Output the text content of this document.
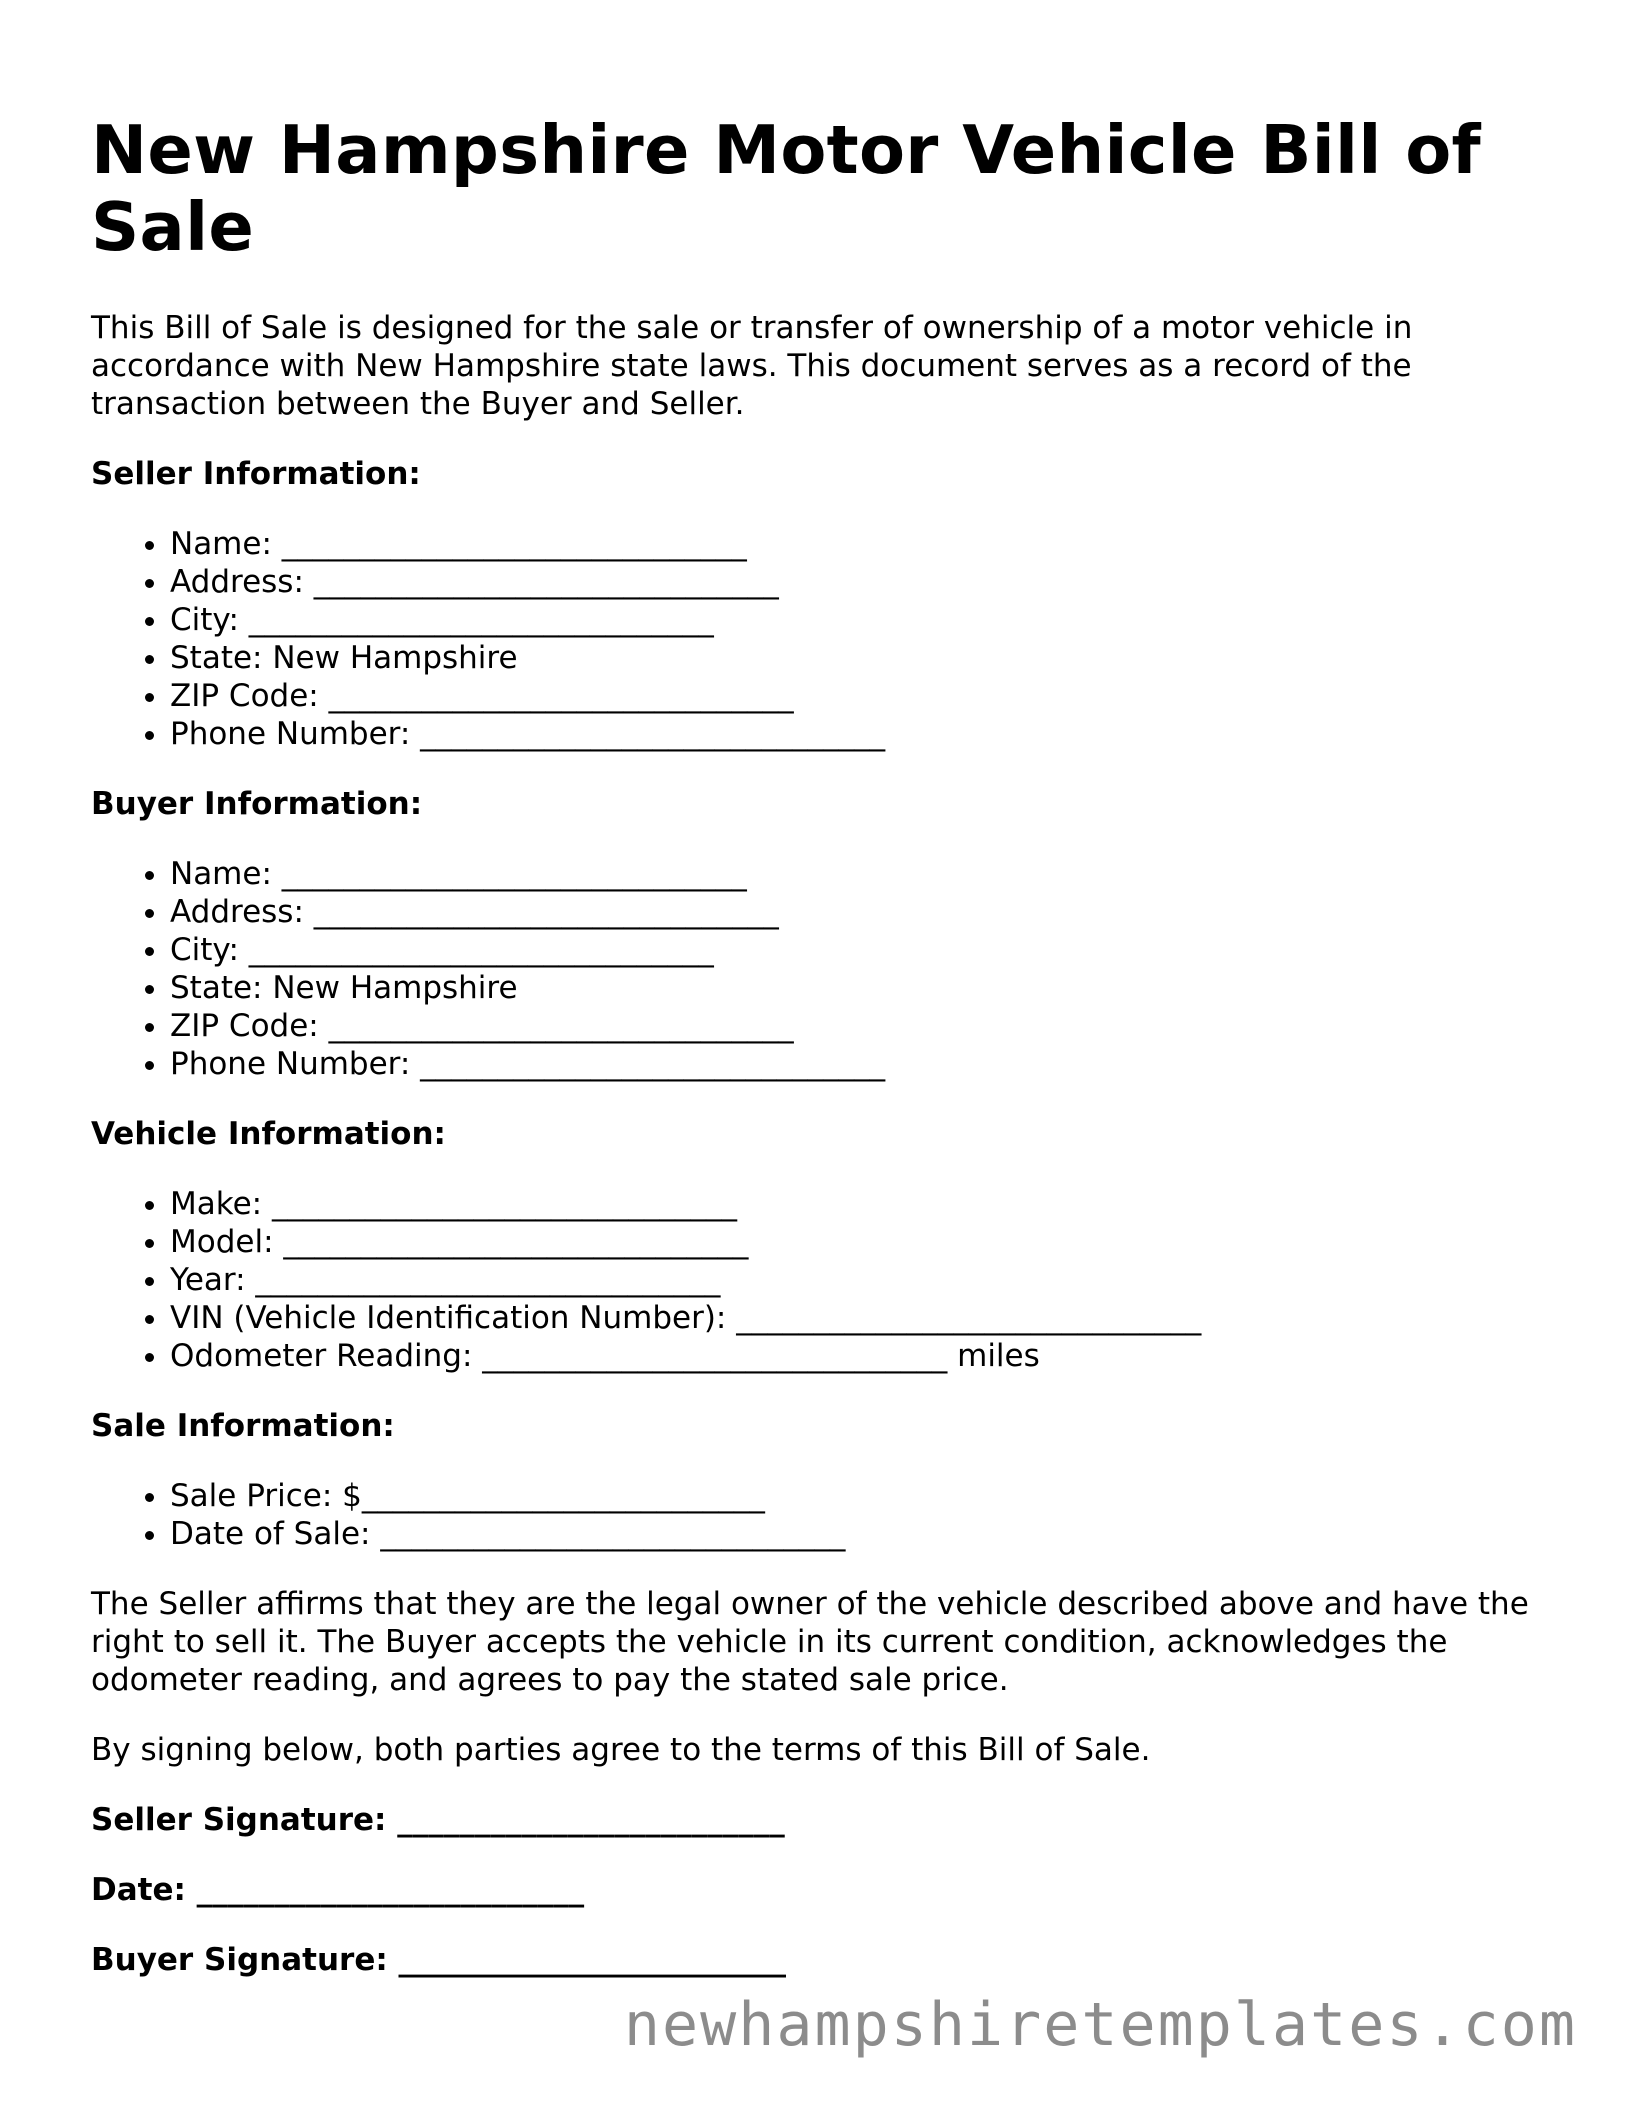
New Hampshire Motor Vehicle Bill of Sale

This Bill of Sale is designed for the sale or transfer of ownership of a motor vehicle in accordance with New Hampshire state laws. This document serves as a record of the transaction between the Buyer and Seller.

Seller Information:
• Name: ______________________________
• Address: ______________________________
• City: ______________________________
• State: New Hampshire
• ZIP Code: ______________________________
• Phone Number: ______________________________
Buyer Information:
• Name: ______________________________
• Address: ______________________________
• City: ______________________________
• State: New Hampshire
• ZIP Code: ______________________________
• Phone Number: ______________________________
Vehicle Information:
• Make: ______________________________
• Model: ______________________________
• Year: ______________________________
• VIN (Vehicle Identification Number): ______________________________
• Odometer Reading: ______________________________ miles
Sale Information:
• Sale Price: $__________________________
• Date of Sale: ______________________________

The Seller affirms that they are the legal owner of the vehicle described above and have the right to sell it. The Buyer accepts the vehicle in its current condition, acknowledges the odometer reading, and agrees to pay the stated sale price.

By signing below, both parties agree to the terms of this Bill of Sale.

Seller Signature: _________________________
Date: _________________________
Buyer Signature: _________________________
newhampshiretemplates.com
